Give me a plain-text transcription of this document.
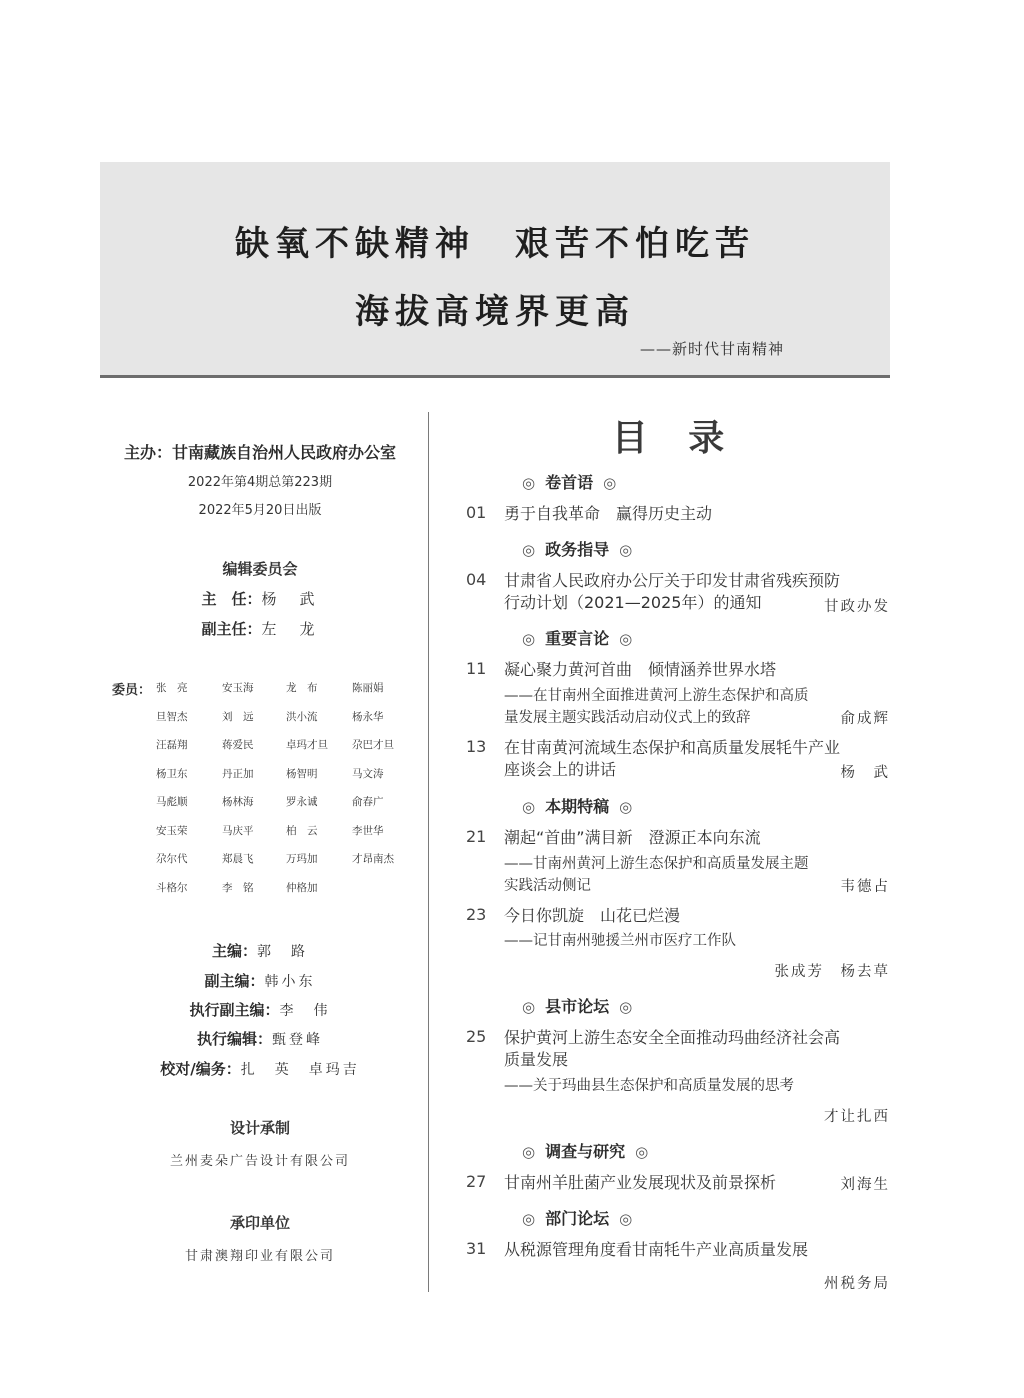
缺氧不缺精神　艰苦不怕吃苦
海拔高境界更高
——新时代甘南精神
主办：甘南藏族自治州人民政府办公室
2022年第4期总第223期
2022年5月20日出版
编辑委员会
主　任：杨　武
副主任：左　龙
委员： 张　亮	安玉海	龙　布	陈丽娟
旦智杰	刘　远	洪小流	杨永华
汪磊翔	蒋爱民	卓玛才旦	尕巴才旦
杨卫东	丹正加	杨智明	马文涛
马彪顺	杨林海	罗永诚	俞春广
安玉荣	马庆平	柏　云	李世华
尕尔代	郑晨飞	万玛加	才昂南杰
斗格尔	李　铭	仲格加
主编：郭　路
副主编：韩小东
执行副主编：李　伟
执行编辑：甄登峰
校对/编务：扎　英　卓玛吉
设计承制
兰州麦朵广告设计有限公司
承印单位
甘肃澳翔印业有限公司
目 录
◎ 卷首语 ◎
◎ 政务指导 ◎
◎ 重要言论 ◎
◎ 本期特稿 ◎
◎ 县市论坛 ◎
◎ 调查与研究 ◎
◎ 部门论坛 ◎
01 勇于自我革命　赢得历史主动
04 甘肃省人民政府办公厅关于印发甘肃省残疾预防
行动计划（2021—2025年）的通知	甘政办发
11 凝心聚力黄河首曲　倾情涵养世界水塔
——在甘南州全面推进黄河上游生态保护和高质
量发展主题实践活动启动仪式上的致辞	俞成辉
13 在甘南黄河流域生态保护和高质量发展牦牛产业
座谈会上的讲话	杨　武
21 潮起“首曲”满目新　澄源正本向东流
——甘南州黄河上游生态保护和高质量发展主题
实践活动侧记	韦德占
23 今日你凯旋　山花已烂漫
——记甘南州驰援兰州市医疗工作队
张成芳　杨去草
25 保护黄河上游生态安全全面推动玛曲经济社会高
质量发展
——关于玛曲县生态保护和高质量发展的思考
才让扎西
27 甘南州羊肚菌产业发展现状及前景探析	刘海生
31 从税源管理角度看甘南牦牛产业高质量发展
州税务局
